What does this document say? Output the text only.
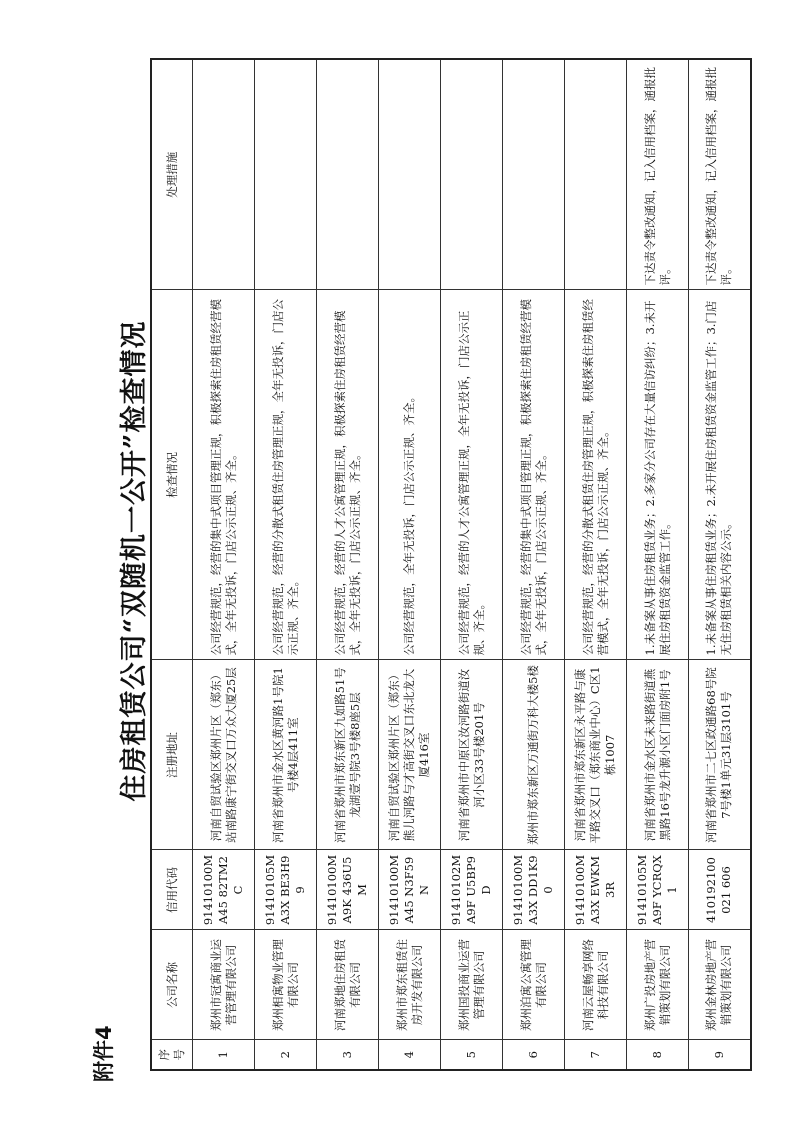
附件4
住房租赁公司“双随机一公开”检查情况
序号	公司名称	信用代码	注册地址	检查情况	处理措施
1	郑州市冠寓商业运营管理有限公司	91410100MA45 82TM2C	河南自贸试验区郑州片区（郑东）站南路康宁街交叉口万众大厦25层	公司经营规范，经营的集中式项目管理正规，积极探索住房租赁经营模式，全年无投诉，门店公示正规、齐全。	
2	郑州相寓物业管理有限公司	91410105MA3X BE3H99	河南省郑州市金水区黄河路1号院1号楼4层411室	公司经营规范，经营的分散式租赁住房管理正规，全年无投诉，门店公示正规、齐全。	
3	河南郑地住房租赁有限公司	91410100MA9K 436U5M	河南省郑州市郑东新区九如路51号龙湖壹号院3号楼8座5层	公司经营规范，经营的人才公寓管理正规，积极探索住房租赁经营模式，全年无投诉，门店公示正规、齐全。	
4	郑州市郑东租赁住房开发有限公司	91410100MA45 N3F59N	河南自贸试验区郑州片区（郑东）熊儿河路与才高街交叉口东北龙大厦416室	公司经营规范，全年无投诉，门店公示正规、齐全。	
5	郑州国投商业运营管理有限公司	91410102MA9F U5BP9D	河南省郑州市中原区汝河路街道汝河小区33号楼201号	公司经营规范，经营的人才公寓管理正规，全年无投诉，门店公示正规、齐全。	
6	郑州泊寓公寓管理有限公司	91410100MA3X DD1K90	郑州市郑东新区万通街万科大楼5楼	公司经营规范，经营的集中式项目管理正规，积极探索住房租赁经营模式，全年无投诉，门店公示正规、齐全。	
7	河南云屋畅享网络科技有限公司	91410100MA3X EWKM3R	河南省郑州市郑东新区永平路与康平路交叉口（郑东商业中心）C区1栋1007	公司经营规范，经营的分散式租赁住房管理正规，积极探索住房租赁经营模式，全年无投诉，门店公示正规、齐全。	
8	郑州广投房地产营销策划有限公司	91410105MA9F YCRQX1	河南省郑州市金水区未来路街道燕黑路16号龙升源小区门面房附1号	1.未备案从事住房租赁业务；2.多家分公司存在大量信访纠纷；3.未开展住房租赁资金监管工作。	下达责令整改通知，记入信用档案，通报批评。
9	郑州金林房地产营销策划有限公司	410192100021 606	河南省郑州市二七区政通路68号院7号楼1单元31层3101号	1.未备案从事住房租赁业务；2.未开展住房租赁资金监管工作；3.门店无住房租赁相关内容公示。	下达责令整改通知，记入信用档案，通报批评。
